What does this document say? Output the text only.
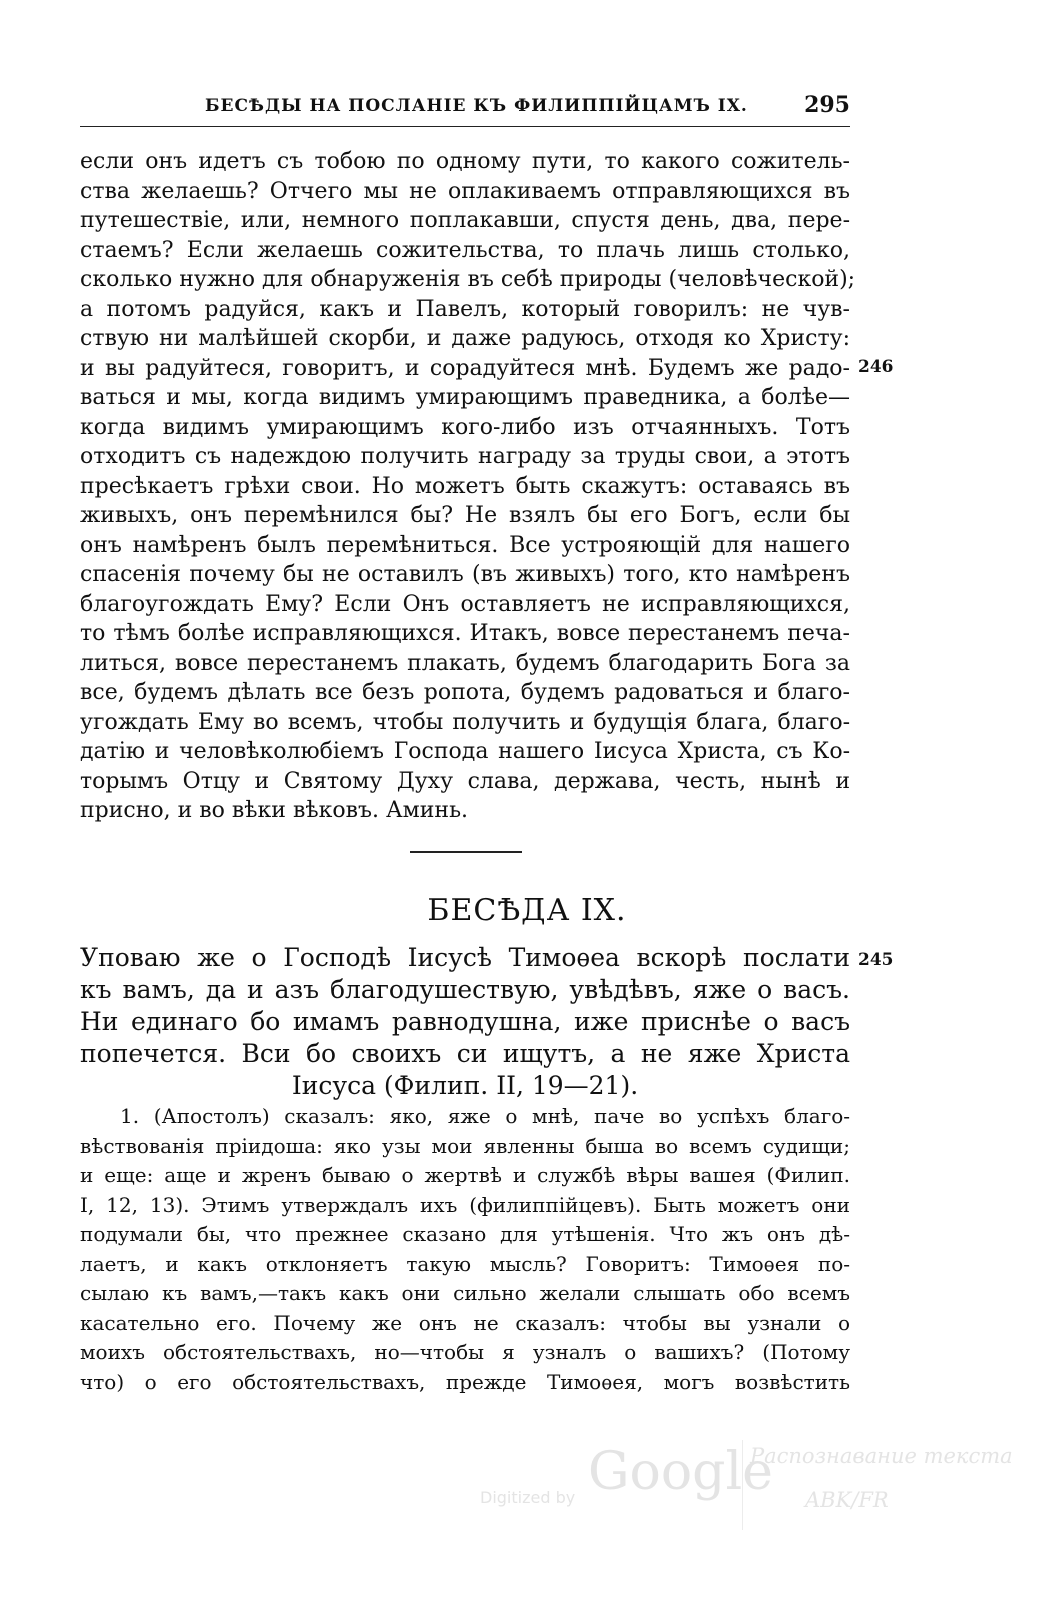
БЕСѢДЫ НА ПОСЛАНІЕ КЪ ФИЛИППІЙЦАМЪ IX.	295
если онъ идетъ съ тобою по одному пути, то какого сожитель-
ства желаешь? Отчего мы не оплакиваемъ отправляющихся въ
путешествіе, или, немного поплакавши, спустя день, два, пере-
стаемъ? Если желаешь сожительства, то плачь лишь столько,
сколько нужно для обнаруженія въ себѣ природы (человѣческой);
а потомъ радуйся, какъ и Павелъ, который говорилъ: не чув-
ствую ни малѣйшей скорби, и даже радуюсь, отходя ко Христу:
и вы радуйтеся, говоритъ, и сорадуйтеся мнѣ. Будемъ же радо-
ваться и мы, когда видимъ умирающимъ праведника, а болѣе—
когда видимъ умирающимъ кого-либо изъ отчаянныхъ. Тотъ
отходитъ съ надеждою получить награду за труды свои, а этотъ
пресѣкаетъ грѣхи свои. Но можетъ быть скажутъ: оставаясь въ
живыхъ, онъ перемѣнился бы? Не взялъ бы его Богъ, если бы
онъ намѣренъ былъ перемѣниться. Все устрояющій для нашего
спасенія почему бы не оставилъ (въ живыхъ) того, кто намѣренъ
благоугождать Ему? Если Онъ оставляетъ не исправляющихся,
то тѣмъ болѣе исправляющихся. Итакъ, вовсе перестанемъ печа-
литься, вовсе перестанемъ плакать, будемъ благодарить Бога за
все, будемъ дѣлать все безъ ропота, будемъ радоваться и благо-
угождать Ему во всемъ, чтобы получить и будущія блага, благо-
датію и человѣколюбіемъ Господа нашего Іисуса Христа, съ Ко-
торымъ Отцу и Святому Духу слава, держава, честь, нынѣ и
присно, и во вѣки вѣковъ. Аминь.
246
БЕСѢДА IX.
Уповаю же о Господѣ Іисусѣ Тимоѳеа вскорѣ послати
къ вамъ, да и азъ благодушествую, увѣдѣвъ, яже о васъ.
Ни единаго бо имамъ равнодушна, иже приснѣе о васъ
попечется. Вси бо своихъ си ищутъ, а не яже Христа
Іисуса (Филип. II, 19—21).
245
1. (Апостолъ) сказалъ: яко, яже о мнѣ, паче во успѣхъ благо-
вѣствованія пріидоша: яко узы мои явленны быша во всемъ судищи;
и еще: аще и жренъ бываю о жертвѣ и службѣ вѣры вашея (Филип.
I, 12, 13). Этимъ утверждалъ ихъ (филиппійцевъ). Быть можетъ они
подумали бы, что прежнее сказано для утѣшенія. Что жъ онъ дѣ-
лаетъ, и какъ отклоняетъ такую мысль? Говоритъ: Тимоѳея по-
сылаю къ вамъ,—такъ какъ они сильно желали слышать обо всемъ
касательно его. Почему же онъ не сказалъ: чтобы вы узнали о
моихъ обстоятельствахъ, но—чтобы я узналъ о вашихъ? (Потому
что) о его обстоятельствахъ, прежде Тимоѳея, могъ возвѣстить
Digitized by Google
Распознавание текста
ABK/FR
